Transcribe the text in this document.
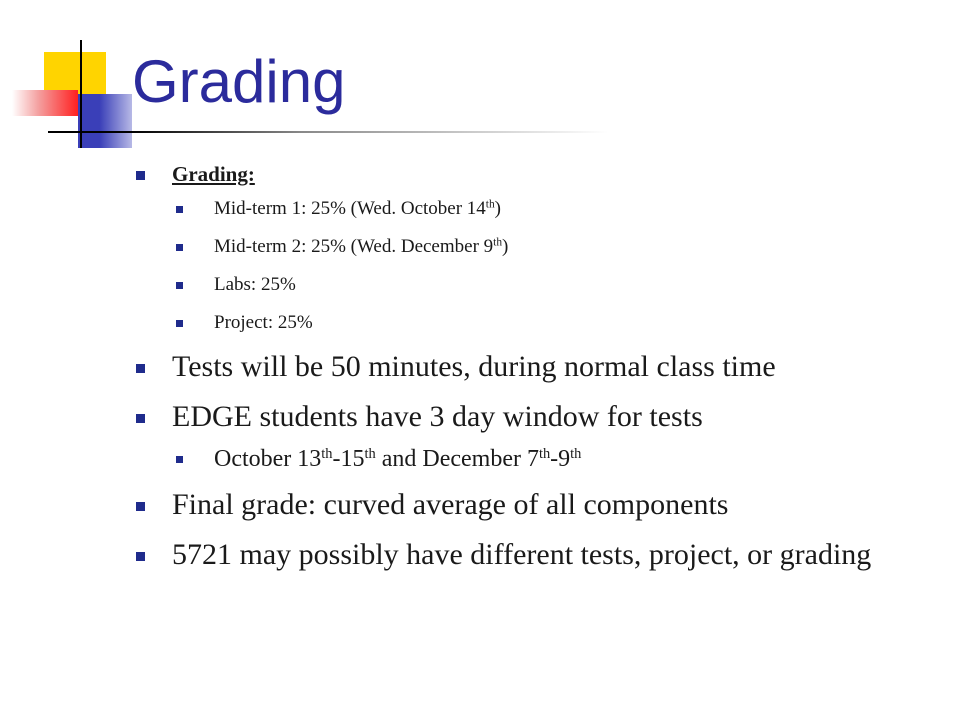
Grading
Grading:
Mid-term 1: 25% (Wed. October 14th)
Mid-term 2: 25% (Wed. December 9th)
Labs: 25%
Project: 25%
Tests will be 50 minutes, during normal class time
EDGE students have 3 day window for tests
October 13th-15th and December 7th-9th
Final grade: curved average of all components
5721 may possibly have different tests, project, or grading
